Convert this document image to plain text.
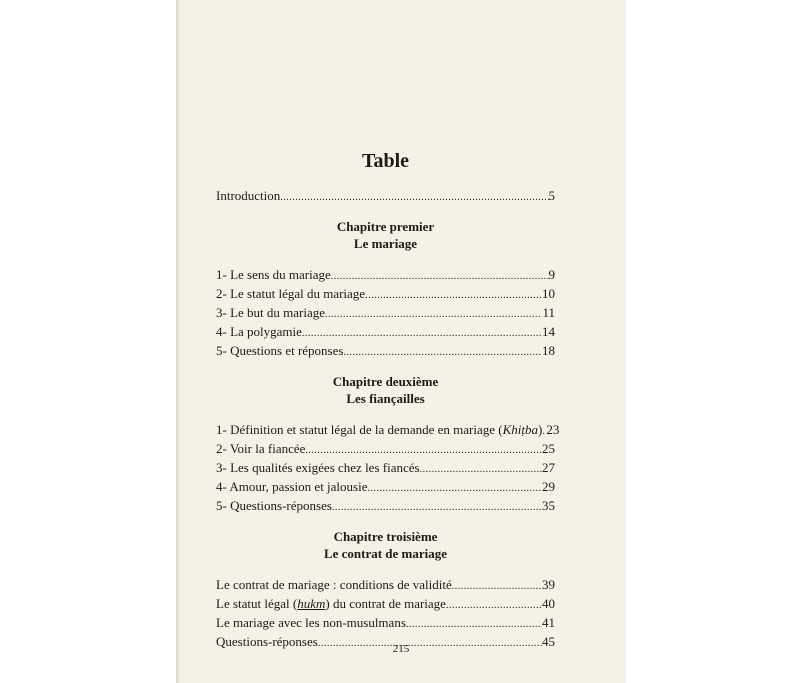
Table
Introduction .....	5
Chapitre premier
Le mariage
1- Le sens du mariage .....	9
2- Le statut légal du mariage .....	10
3- Le but du mariage .....	11
4- La polygamie .....	14
5- Questions et réponses .....	18
Chapitre deuxième
Les fiançailles
1- Définition et statut légal de la demande en mariage (Khiṭba) ..... 23
2- Voir la fiancée .....	25
3- Les qualités exigées chez les fiancés .....	27
4- Amour, passion et jalousie .....	29
5- Questions-réponses .....	35
Chapitre troisième
Le contrat de mariage
Le contrat de mariage : conditions de validité .....	39
Le statut légal (hukm) du contrat de mariage .....	40
Le mariage avec les non-musulmans .....	41
Questions-réponses .....	45
215
